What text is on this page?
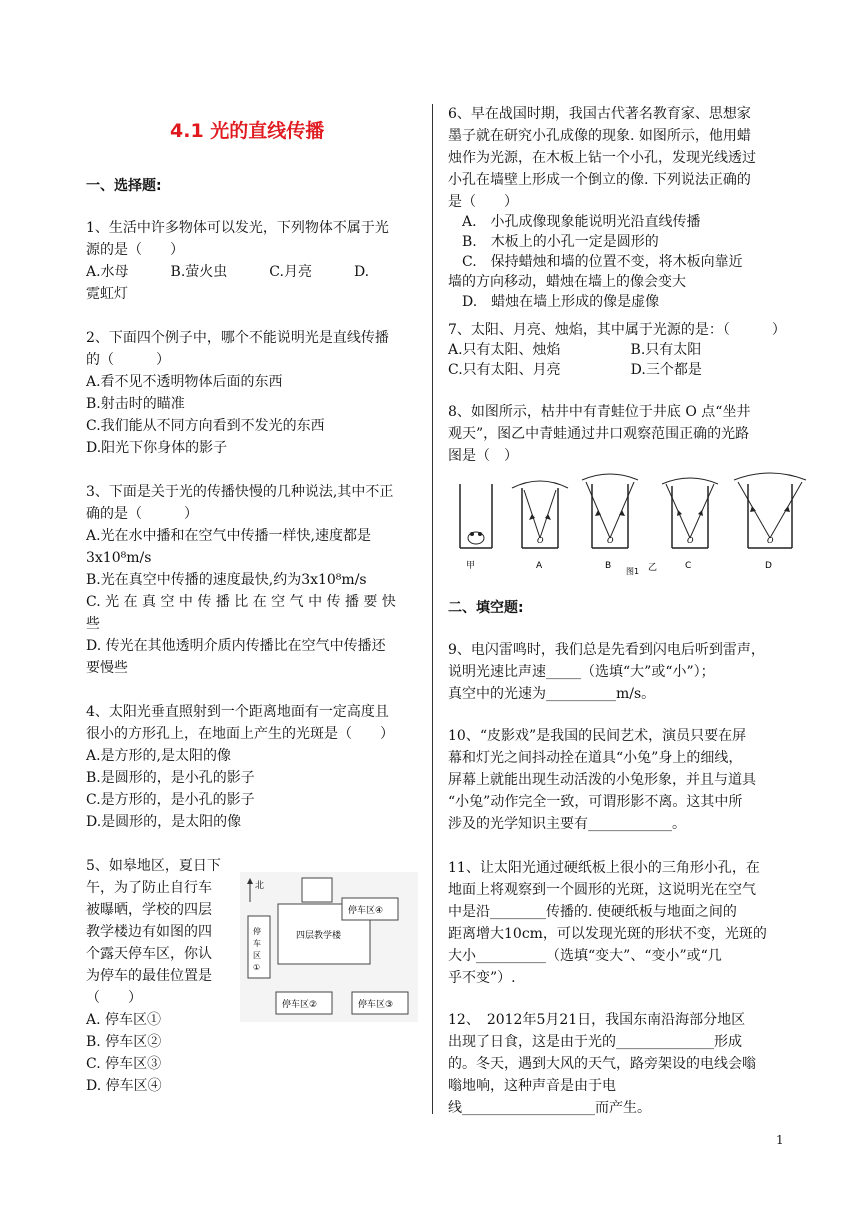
4.1 光的直线传播
一、选择题:
1、生活中许多物体可以发光，下列物体不属于光
源的是（　　）
A.水母　　　B.萤火虫　　　C.月亮　　　D.
霓虹灯
2、下面四个例子中，哪个不能说明光是直线传播
的（　　　）
A.看不见不透明物体后面的东西
B.射击时的瞄准
C.我们能从不同方向看到不发光的东西
D.阳光下你身体的影子
3、下面是关于光的传播快慢的几种说法,其中不正
确的是（　　　）
A.光在水中播和在空气中传播一样快,速度都是
3x10⁸m/s
B.光在真空中传播的速度最快,约为3x10⁸m/s
C. 光 在 真 空 中 传 播 比 在 空 气 中 传 播 要 快
些
D. 传光在其他透明介质内传播比在空气中传播还
要慢些
4、太阳光垂直照射到一个距离地面有一定高度且
很小的方形孔上，在地面上产生的光斑是（　　）
A.是方形的,是太阳的像
B.是圆形的，是小孔的影子
C.是方形的，是小孔的影子
D.是圆形的，是太阳的像
5、如皋地区，夏日下
午，为了防止自行车
被曝晒，学校的四层
教学楼边有如图的四
个露天停车区，你认
为停车的最佳位置是
（　　）
A. 停车区①
B. 停车区②
C. 停车区③
D. 停车区④
北
四层教学楼
停
车
区
①
停车区④
停车区②	停车区③
6、早在战国时期，我国古代著名教育家、思想家
墨子就在研究小孔成像的现象. 如图所示，他用蜡
烛作为光源，在木板上钻一个小孔，发现光线透过
小孔在墙壁上形成一个倒立的像. 下列说法正确的
是（　　）
　A.　小孔成像现象能说明光沿直线传播
　B.　木板上的小孔一定是圆形的
　C.　保持蜡烛和墙的位置不变，将木板向靠近
墙的方向移动，蜡烛在墙上的像会变大
　D.　蜡烛在墙上形成的像是虚像
7、太阳、月亮、烛焰，其中属于光源的是：（　　　）
A.只有太阳、烛焰　　　　　B.只有太阳
C.只有太阳、月亮　　　　　D.三个都是
8、如图所示，枯井中有青蛙位于井底 O 点“坐井
观天”，图乙中青蛙通过井口观察范围正确的光路
图是（　）
甲
O
A
O
B	乙
O
C
O
D
图1
二、填空题:
9、电闪雷鸣时，我们总是先看到闪电后听到雷声，
说明光速比声速_____（选填“大”或“小”）；
真空中的光速为__________m/s。
10、“皮影戏”是我国的民间艺术，演员只要在屏
幕和灯光之间抖动拴在道具“小兔”身上的细线，
屏幕上就能出现生动活泼的小兔形象，并且与道具
“小兔”动作完全一致，可谓形影不离。这其中所
涉及的光学知识主要有____________。
11、让太阳光通过硬纸板上很小的三角形小孔，在
地面上将观察到一个圆形的光斑，这说明光在空气
中是沿________传播的. 使硬纸板与地面之间的
距离增大10cm，可以发现光斑的形状不变，光斑的
大小__________（选填“变大”、“变小”或“几
乎不变”）.
12、　2012年5月21日，我国东南沿海部分地区
出现了日食，这是由于光的______________形成
的。冬天，遇到大风的天气，路旁架设的电线会嗡
嗡地响，这种声音是由于电
线___________________而产生。
1
